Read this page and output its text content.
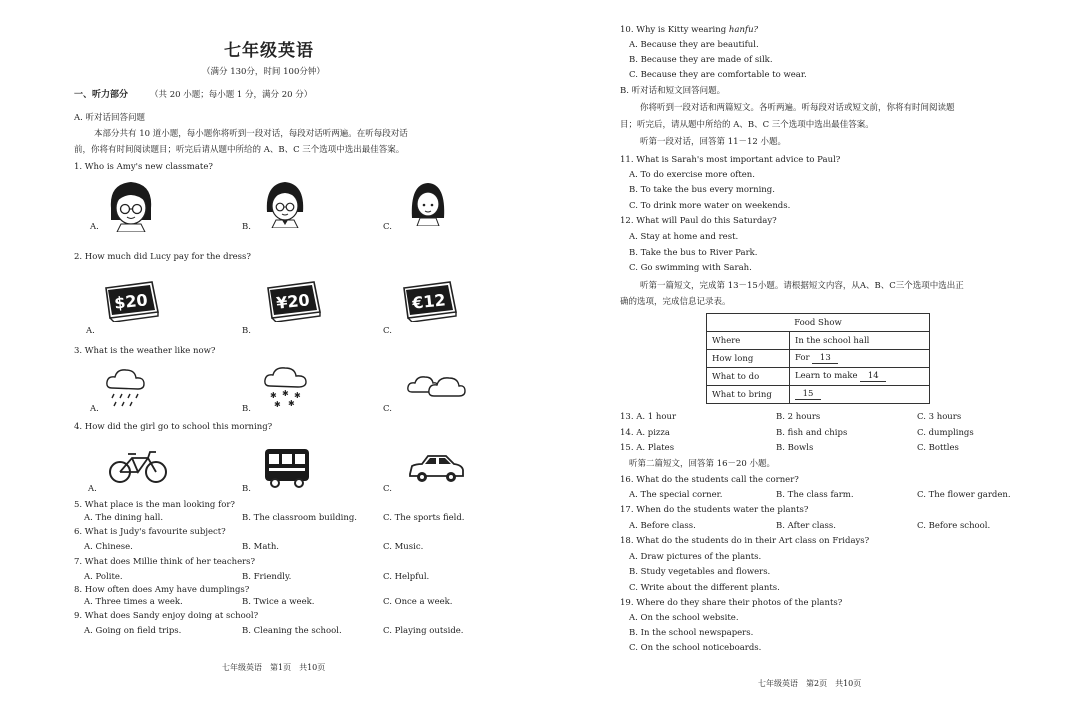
七年级英语
（满分 130分，时间 100分钟）
一、听力部分	（共 20 小题；每小题 1 分，满分 20 分）
A. 听对话回答问题
本部分共有 10 道小题，每小题你将听到一段对话，每段对话听两遍。在听每段对话
前，你将有时间阅读题目；听完后请从题中所给的 A、B、C 三个选项中选出最佳答案。
1. Who is Amy's new classmate?
A.	B.	C.
2. How much did Lucy pay for the dress?
$20
A.
¥20
B.
€12
C.
3. What is the weather like now?
A.
✱ ✱ ✱
✱ ✱
B.	C.
4. How did the girl go to school this morning?
A.	B.	C.
5. What place is the man looking for?
A. The dining hall.	B. The classroom building.	C. The sports field.
6. What is Judy's favourite subject?
A. Chinese.	B. Math.	C. Music.
7. What does Millie think of her teachers?
A. Polite.	B. Friendly.	C. Helpful.
8. How often does Amy have dumplings?
A. Three times a week.	B. Twice a week.	C. Once a week.
9. What does Sandy enjoy doing at school?
A. Going on field trips.	B. Cleaning the school.	C. Playing outside.
七年级英语　第1页　共10页
10. Why is Kitty wearing hanfu?
A. Because they are beautiful.
B. Because they are made of silk.
C. Because they are comfortable to wear.
B. 听对话和短文回答问题。
你将听到一段对话和两篇短文。各听两遍。听每段对话或短文前，你将有时间阅读题
目；听完后，请从题中所给的 A、B、C 三个选项中选出最佳答案。
听第一段对话，回答第 11－12 小题。
11. What is Sarah's most important advice to Paul?
A. To do exercise more often.
B. To take the bus every morning.
C. To drink more water on weekends.
12. What will Paul do this Saturday?
A. Stay at home and rest.
B. Take the bus to River Park.
C. Go swimming with Sarah.
听第一篇短文，完成第 13－15小题。请根据短文内容，从A、B、C三个选项中选出正
确的选项，完成信息记录表。
Food Show	
Where	In the school hall
How long	For 13
What to do	Learn to make 14
What to bring	15
13. A. 1 hour	B. 2 hours	C. 3 hours
14. A. pizza	B. fish and chips	C. dumplings
15. A. Plates	B. Bowls	C. Bottles
听第二篇短文，回答第 16－20 小题。
16. What do the students call the corner?
A. The special corner.	B. The class farm.	C. The flower garden.
17. When do the students water the plants?
A. Before class.	B. After class.	C. Before school.
18. What do the students do in their Art class on Fridays?
A. Draw pictures of the plants.
B. Study vegetables and flowers.
C. Write about the different plants.
19. Where do they share their photos of the plants?
A. On the school website.
B. In the school newspapers.
C. On the school noticeboards.
七年级英语　第2页　共10页
